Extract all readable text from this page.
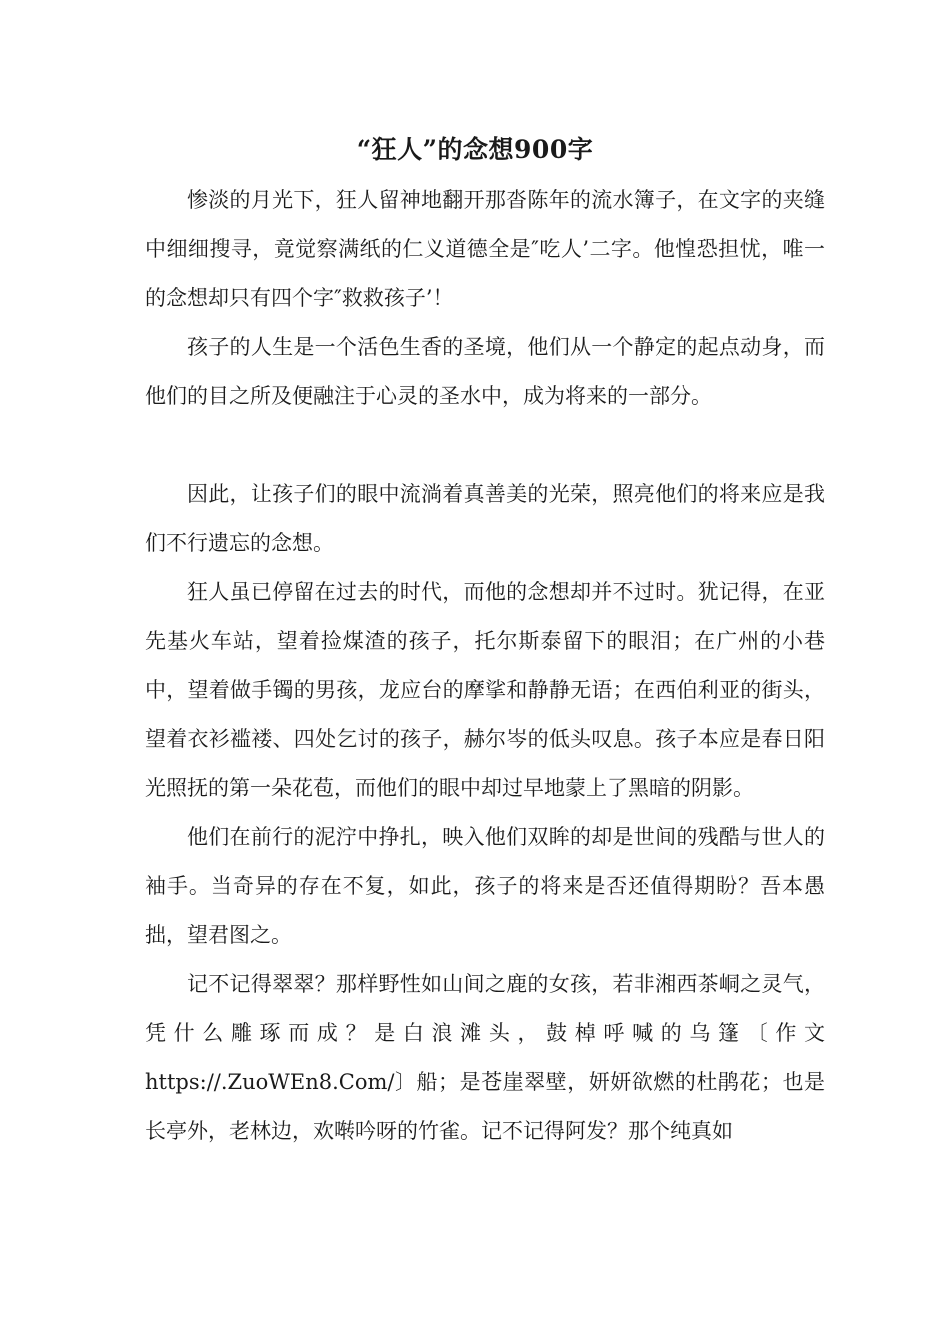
“狂人”的念想900字

惨淡的月光下，狂人留神地翻开那沓陈年的流水簿子，在文字的夹缝中细细搜寻，竟觉察满纸的仁义道德全是″吃人’二字。他惶恐担忧，唯一的念想却只有四个字″救救孩子’！

孩子的人生是一个活色生香的圣境，他们从一个静定的起点动身，而他们的目之所及便融注于心灵的圣水中，成为将来的一部分。

因此，让孩子们的眼中流淌着真善美的光荣，照亮他们的将来应是我们不行遗忘的念想。

狂人虽已停留在过去的时代，而他的念想却并不过时。犹记得，在亚先基火车站，望着捡煤渣的孩子，托尔斯泰留下的眼泪；在广州的小巷中，望着做手镯的男孩，龙应台的摩挲和静静无语；在西伯利亚的街头，望着衣衫褴褛、四处乞讨的孩子，赫尔岑的低头叹息。孩子本应是春日阳光照抚的第一朵花苞，而他们的眼中却过早地蒙上了黑暗的阴影。

他们在前行的泥泞中挣扎，映入他们双眸的却是世间的残酷与世人的袖手。当奇异的存在不复，如此，孩子的将来是否还值得期盼？吾本愚拙，望君图之。

记不记得翠翠？那样野性如山间之鹿的女孩，若非湘西茶峒之灵气，凭什么雕琢而成？是白浪滩头，鼓棹呼喊的乌篷〔作文https://.ZuoWEn8.Com/〕船；是苍崖翠壁，妍妍欲燃的杜鹃花；也是长亭外，老林边，欢啭吟呀的竹雀。记不记得阿发？那个纯真如
